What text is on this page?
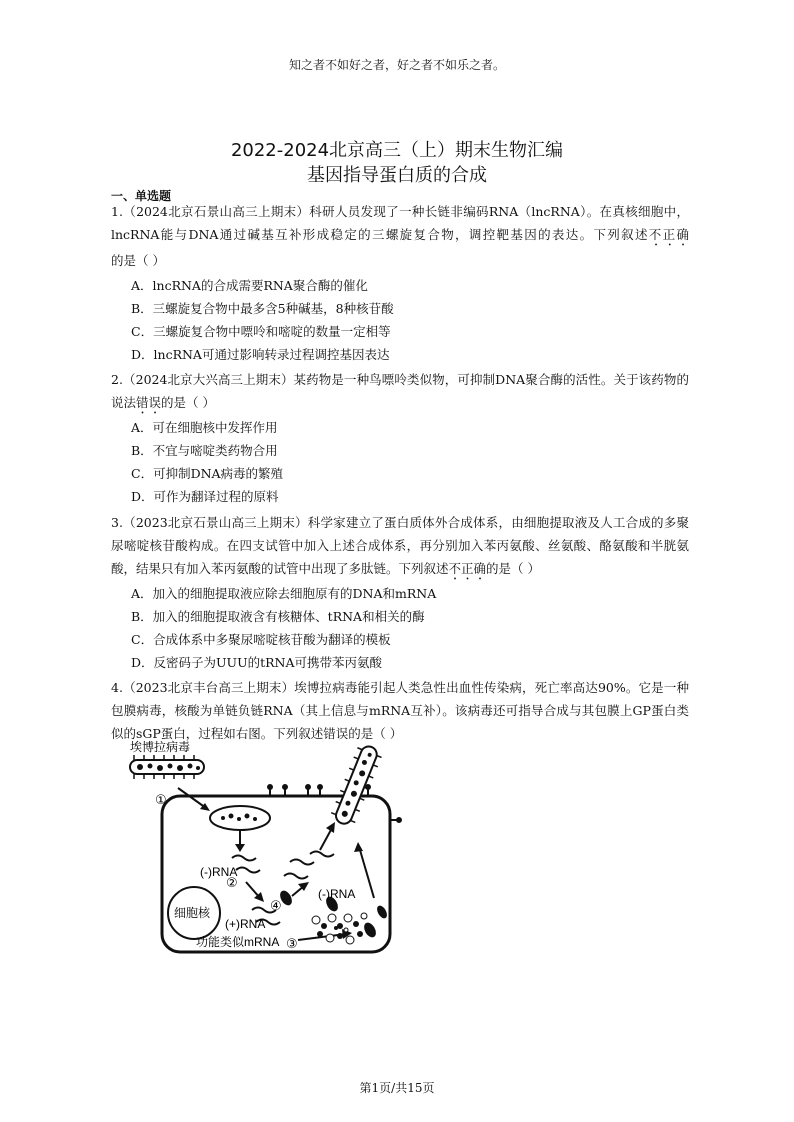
知之者不如好之者，好之者不如乐之者。
2022-2024北京高三（上）期末生物汇编
基因指导蛋白质的合成
一、单选题
1.（2024北京石景山高三上期末）科研人员发现了一种长链非编码RNA（lncRNA）。在真核细胞中，lncRNA能与DNA通过碱基互补形成稳定的三螺旋复合物，调控靶基因的表达。下列叙述不正确的是（ ）
A．lncRNA的合成需要RNA聚合酶的催化
B．三螺旋复合物中最多含5种碱基，8种核苷酸
C．三螺旋复合物中嘌呤和嘧啶的数量一定相等
D．lncRNA可通过影响转录过程调控基因表达
2.（2024北京大兴高三上期末）某药物是一种鸟嘌呤类似物，可抑制DNA聚合酶的活性。关于该药物的说法错误的是（ ）
A．可在细胞核中发挥作用
B．不宜与嘧啶类药物合用
C．可抑制DNA病毒的繁殖
D．可作为翻译过程的原料
3.（2023北京石景山高三上期末）科学家建立了蛋白质体外合成体系，由细胞提取液及人工合成的多聚尿嘧啶核苷酸构成。在四支试管中加入上述合成体系，再分别加入苯丙氨酸、丝氨酸、酪氨酸和半胱氨酸，结果只有加入苯丙氨酸的试管中出现了多肽链。下列叙述不正确的是（ ）
A．加入的细胞提取液应除去细胞原有的DNA和mRNA
B．加入的细胞提取液含有核糖体、tRNA和相关的酶
C．合成体系中多聚尿嘧啶核苷酸为翻译的模板
D．反密码子为UUU的tRNA可携带苯丙氨酸
4.（2023北京丰台高三上期末）埃博拉病毒能引起人类急性出血性传染病，死亡率高达90%。它是一种包膜病毒，核酸为单链负链RNA（其上信息与mRNA互补）。该病毒还可指导合成与其包膜上GP蛋白类似的sGP蛋白，过程如右图。下列叙述错误的是（ ）
埃博拉病毒
①
(-)RNA
细胞核
②
(+)RNA
功能类似mRNA ③
④
(-)RNA
第1页/共15页
